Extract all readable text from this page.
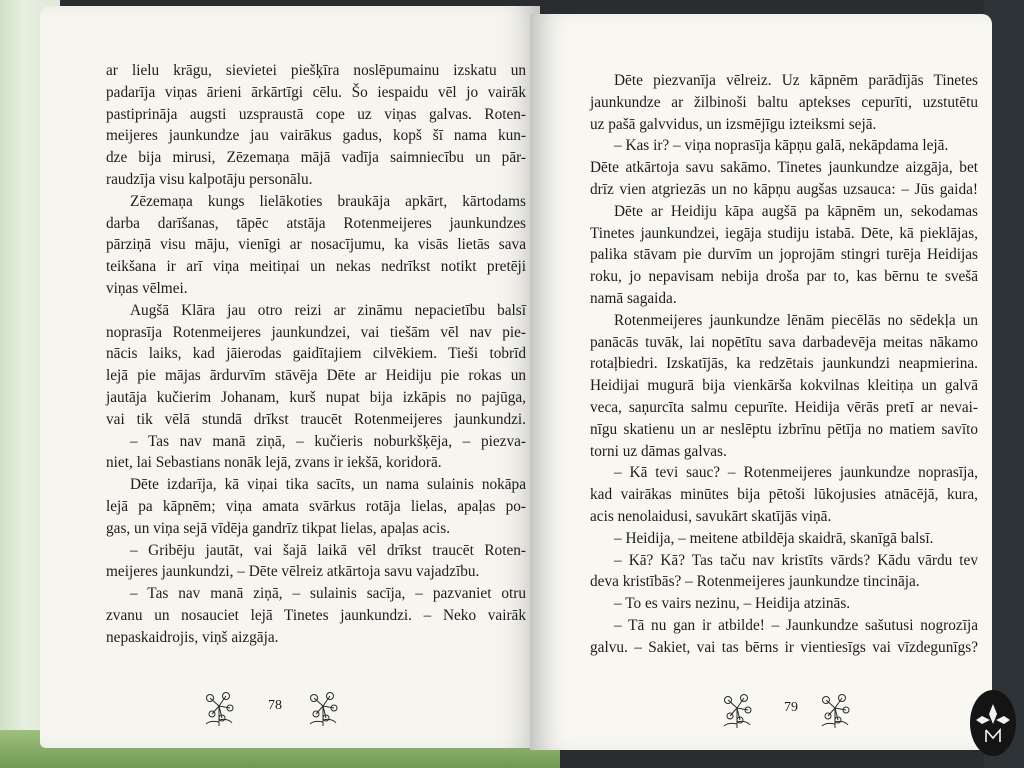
ar lielu krāgu, sievietei piešķīra noslēpumainu izskatu un

padarīja viņas ārieni ārkārtīgi cēlu. Šo iespaidu vēl jo vairāk

pastiprināja augsti uzspraustā cope uz viņas galvas. Roten-

meijeres jaunkundze jau vairākus gadus, kopš šī nama kun-

dze bija mirusi, Zēzemaņa mājā vadīja saimniecību un pār-

raudzīja visu kalpotāju personālu.

Zēzemaņa kungs lielākoties braukāja apkārt, kārtodams

darba darīšanas, tāpēc atstāja Rotenmeijeres jaunkundzes

pārziņā visu māju, vienīgi ar nosacījumu, ka visās lietās sava

teikšana ir arī viņa meitiņai un nekas nedrīkst notikt pretēji

viņas vēlmei.

Augšā Klāra jau otro reizi ar zināmu nepacietību balsī

noprasīja Rotenmeijeres jaunkundzei, vai tiešām vēl nav pie-

nācis laiks, kad jāierodas gaidītajiem cilvēkiem. Tieši tobrīd

lejā pie mājas ārdurvīm stāvēja Dēte ar Heidiju pie rokas un

jautāja kučierim Johanam, kurš nupat bija izkāpis no pajūga,

vai tik vēlā stundā drīkst traucēt Rotenmeijeres jaunkundzi.

– Tas nav manā ziņā, – kučieris noburkšķēja, – piezva-

niet, lai Sebastians nonāk lejā, zvans ir iekšā, koridorā.

Dēte izdarīja, kā viņai tika sacīts, un nama sulainis nokāpa

lejā pa kāpnēm; viņa amata svārkus rotāja lielas, apaļas po-

gas, un viņa sejā vīdēja gandrīz tikpat lielas, apaļas acis.

– Gribēju jautāt, vai šajā laikā vēl drīkst traucēt Roten-

meijeres jaunkundzi, – Dēte vēlreiz atkārtoja savu vajadzību.

– Tas nav manā ziņā, – sulainis sacīja, – pazvaniet otru

zvanu un nosauciet lejā Tinetes jaunkundzi. – Neko vairāk

nepaskaidrojis, viņš aizgāja.

78

Dēte piezvanīja vēlreiz. Uz kāpnēm parādījās Tinetes

jaunkundze ar žilbinoši baltu aptekses cepurīti, uzstutētu

uz pašā galvvidus, un izsmējīgu izteiksmi sejā.

– Kas ir? – viņa noprasīja kāpņu galā, nekāpdama lejā.

Dēte atkārtoja savu sakāmo. Tinetes jaunkundze aizgāja, bet

drīz vien atgriezās un no kāpņu augšas uzsauca: – Jūs gaida!

Dēte ar Heidiju kāpa augšā pa kāpnēm un, sekodamas

Tinetes jaunkundzei, iegāja studiju istabā. Dēte, kā pieklājas,

palika stāvam pie durvīm un joprojām stingri turēja Heidijas

roku, jo nepavisam nebija droša par to, kas bērnu te svešā

namā sagaida.

Rotenmeijeres jaunkundze lēnām piecēlās no sēdekļa un

panācās tuvāk, lai nopētītu sava darbadevēja meitas nākamo

rotaļbiedri. Izskatījās, ka redzētais jaunkundzi neapmierina.

Heidijai mugurā bija vienkārša kokvilnas kleitiņa un galvā

veca, saņurcīta salmu cepurīte. Heidija vērās pretī ar nevai-

nīgu skatienu un ar neslēptu izbrīnu pētīja no matiem savīto

torni uz dāmas galvas.

– Kā tevi sauc? – Rotenmeijeres jaunkundze noprasīja,

kad vairākas minūtes bija pētoši lūkojusies atnācējā, kura,

acis nenolaidusi, savukārt skatījās viņā.

– Heidija, – meitene atbildēja skaidrā, skanīgā balsī.

– Kā? Kā? Tas taču nav kristīts vārds? Kādu vārdu tev

deva kristībās? – Rotenmeijeres jaunkundze tincināja.

– To es vairs nezinu, – Heidija atzinās.

– Tā nu gan ir atbilde! – Jaunkundze sašutusi nogrozīja

galvu. – Sakiet, vai tas bērns ir vientiesīgs vai vīzdegunīgs?

79
